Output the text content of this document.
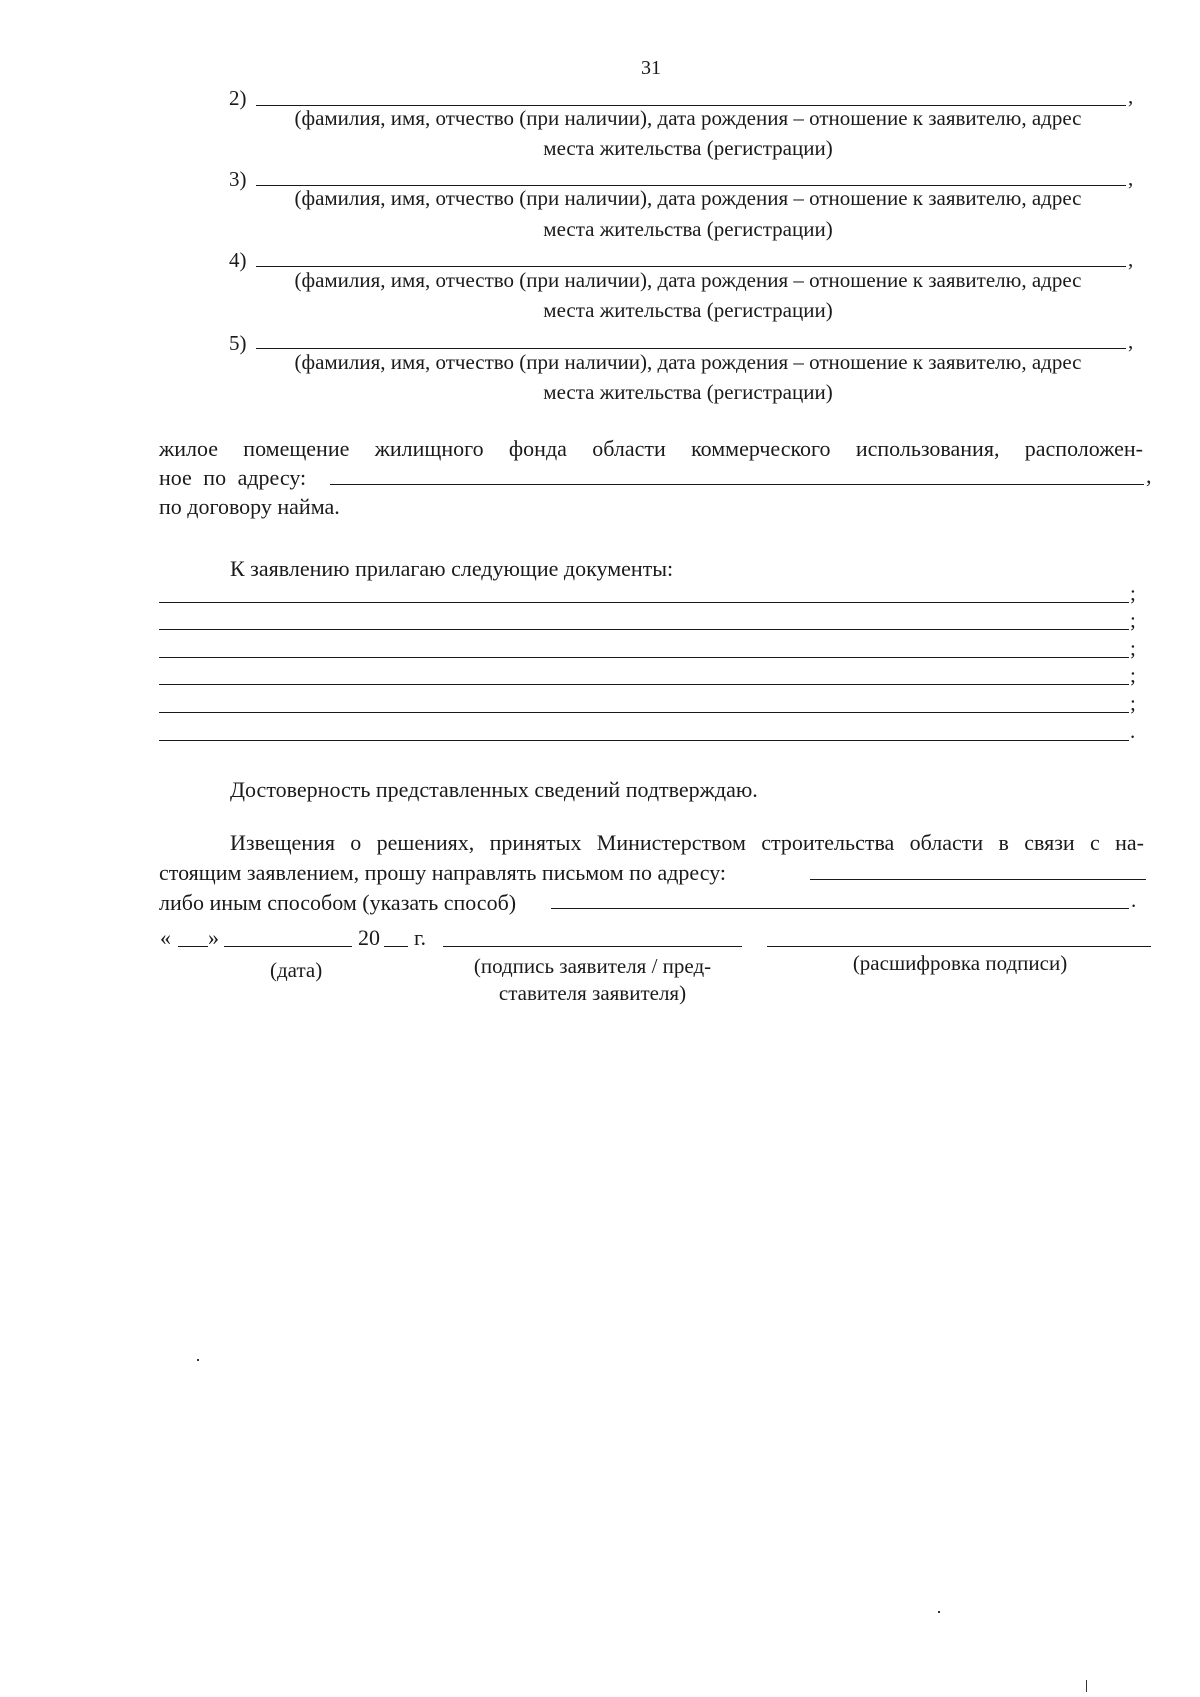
31
2)	,
(фамилия, имя, отчество (при наличии), дата рождения – отношение к заявителю, адрес
места жительства (регистрации)
3)	,
(фамилия, имя, отчество (при наличии), дата рождения – отношение к заявителю, адрес
места жительства (регистрации)
4)	,
(фамилия, имя, отчество (при наличии), дата рождения – отношение к заявителю, адрес
места жительства (регистрации)
5)	,
(фамилия, имя, отчество (при наличии), дата рождения – отношение к заявителю, адрес
места жительства (регистрации)
жилое помещение жилищного фонда области коммерческого использования, расположен-
ное по адресу:	,
по договору найма.
К заявлению прилагаю следующие документы:
;
;
;
;
;
.
Достоверность представленных сведений подтверждаю.
Извещения о решениях, принятых Министерством строительства области в связи с на-
стоящим заявлением, прошу направлять письмом по адресу:
либо иным способом (указать способ)	.
« »	20 г.
(дата)	(подпись заявителя / пред-
ставителя заявителя)
(расшифровка подписи)
